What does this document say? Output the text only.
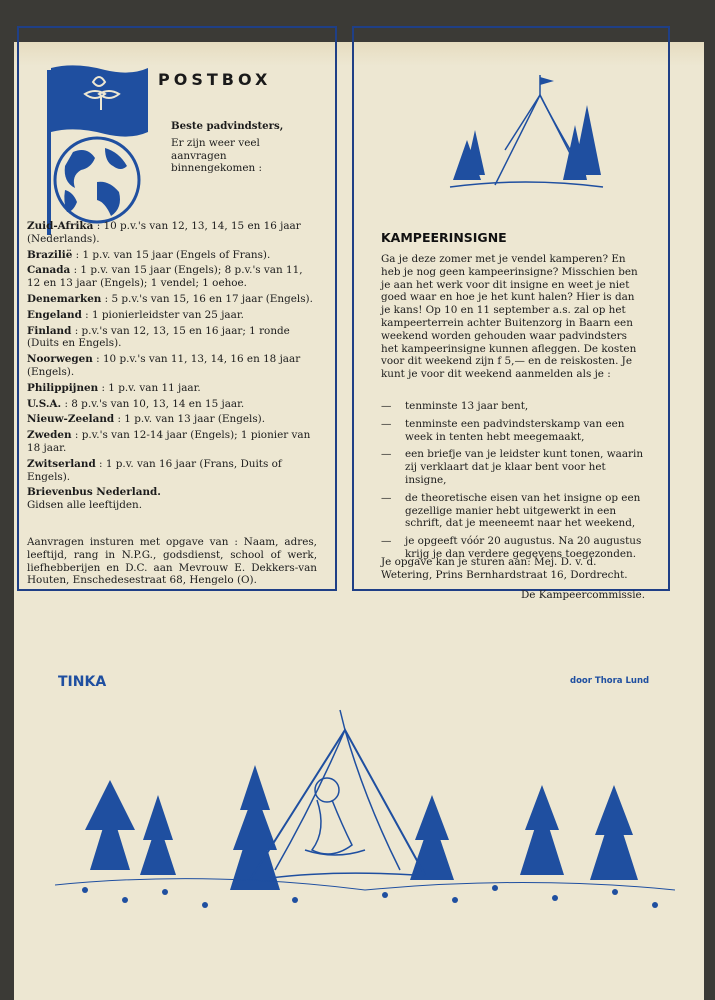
POSTBOX
Beste padvindsters,
Er zijn weer veel aanvragen binnengekomen :
Zuid-Afrika : 10 p.v.'s van 12, 13, 14, 15 en 16 jaar (Nederlands).
Brazilië : 1 p.v. van 15 jaar (Engels of Frans).
Canada : 1 p.v. van 15 jaar (Engels); 8 p.v.'s van 11, 12 en 13 jaar (Engels); 1 vendel; 1 oehoe.
Denemarken : 5 p.v.'s van 15, 16 en 17 jaar (Engels).
Engeland : 1 pionierleidster van 25 jaar.
Finland : p.v.'s van 12, 13, 15 en 16 jaar; 1 ronde (Duits en Engels).
Noorwegen : 10 p.v.'s van 11, 13, 14, 16 en 18 jaar (Engels).
Philippijnen : 1 p.v. van 11 jaar.
U.S.A. : 8 p.v.'s van 10, 13, 14 en 15 jaar.
Nieuw-Zeeland : 1 p.v. van 13 jaar (Engels).
Zweden : p.v.'s van 12-14 jaar (Engels); 1 pionier van 18 jaar.
Zwitserland : 1 p.v. van 16 jaar (Frans, Duits of Engels).
Brievenbus Nederland.
Gidsen alle leeftijden.
Aanvragen insturen met opgave van : Naam, adres, leeftijd, rang in N.P.G., godsdienst, school of werk, liefhebberijen en D.C. aan Mevrouw E. Dekkers-van Houten, Enschedesestraat 68, Hengelo (O).
KAMPEERINSIGNE
Ga je deze zomer met je vendel kamperen? En heb je nog geen kampeerinsigne? Misschien ben je aan het werk voor dit insigne en weet je niet goed waar en hoe je het kunt halen? Hier is dan je kans! Op 10 en 11 september a.s. zal op het kampeerterrein achter Buitenzorg in Baarn een weekend worden gehouden waar padvindsters het kampeerinsigne kunnen afleggen. De kosten voor dit weekend zijn f 5,— en de reiskosten. Je kunt je voor dit weekend aanmelden als je :
— tenminste 13 jaar bent,
— tenminste een padvindsterskamp van een week in tenten hebt meegemaakt,
— een briefje van je leidster kunt tonen, waarin zij verklaart dat je klaar bent voor het insigne,
— de theoretische eisen van het insigne op een gezellige manier hebt uitgewerkt in een schrift, dat je meeneemt naar het weekend,
— je opgeeft vóór 20 augustus. Na 20 augustus krijg je dan verdere gegevens toegezonden.
Je opgave kan je sturen aan: Mej. D. v. d. Wetering, Prins Bernhardstraat 16, Dordrecht.
De Kampeercommissie.
TINKA	door Thora Lund
